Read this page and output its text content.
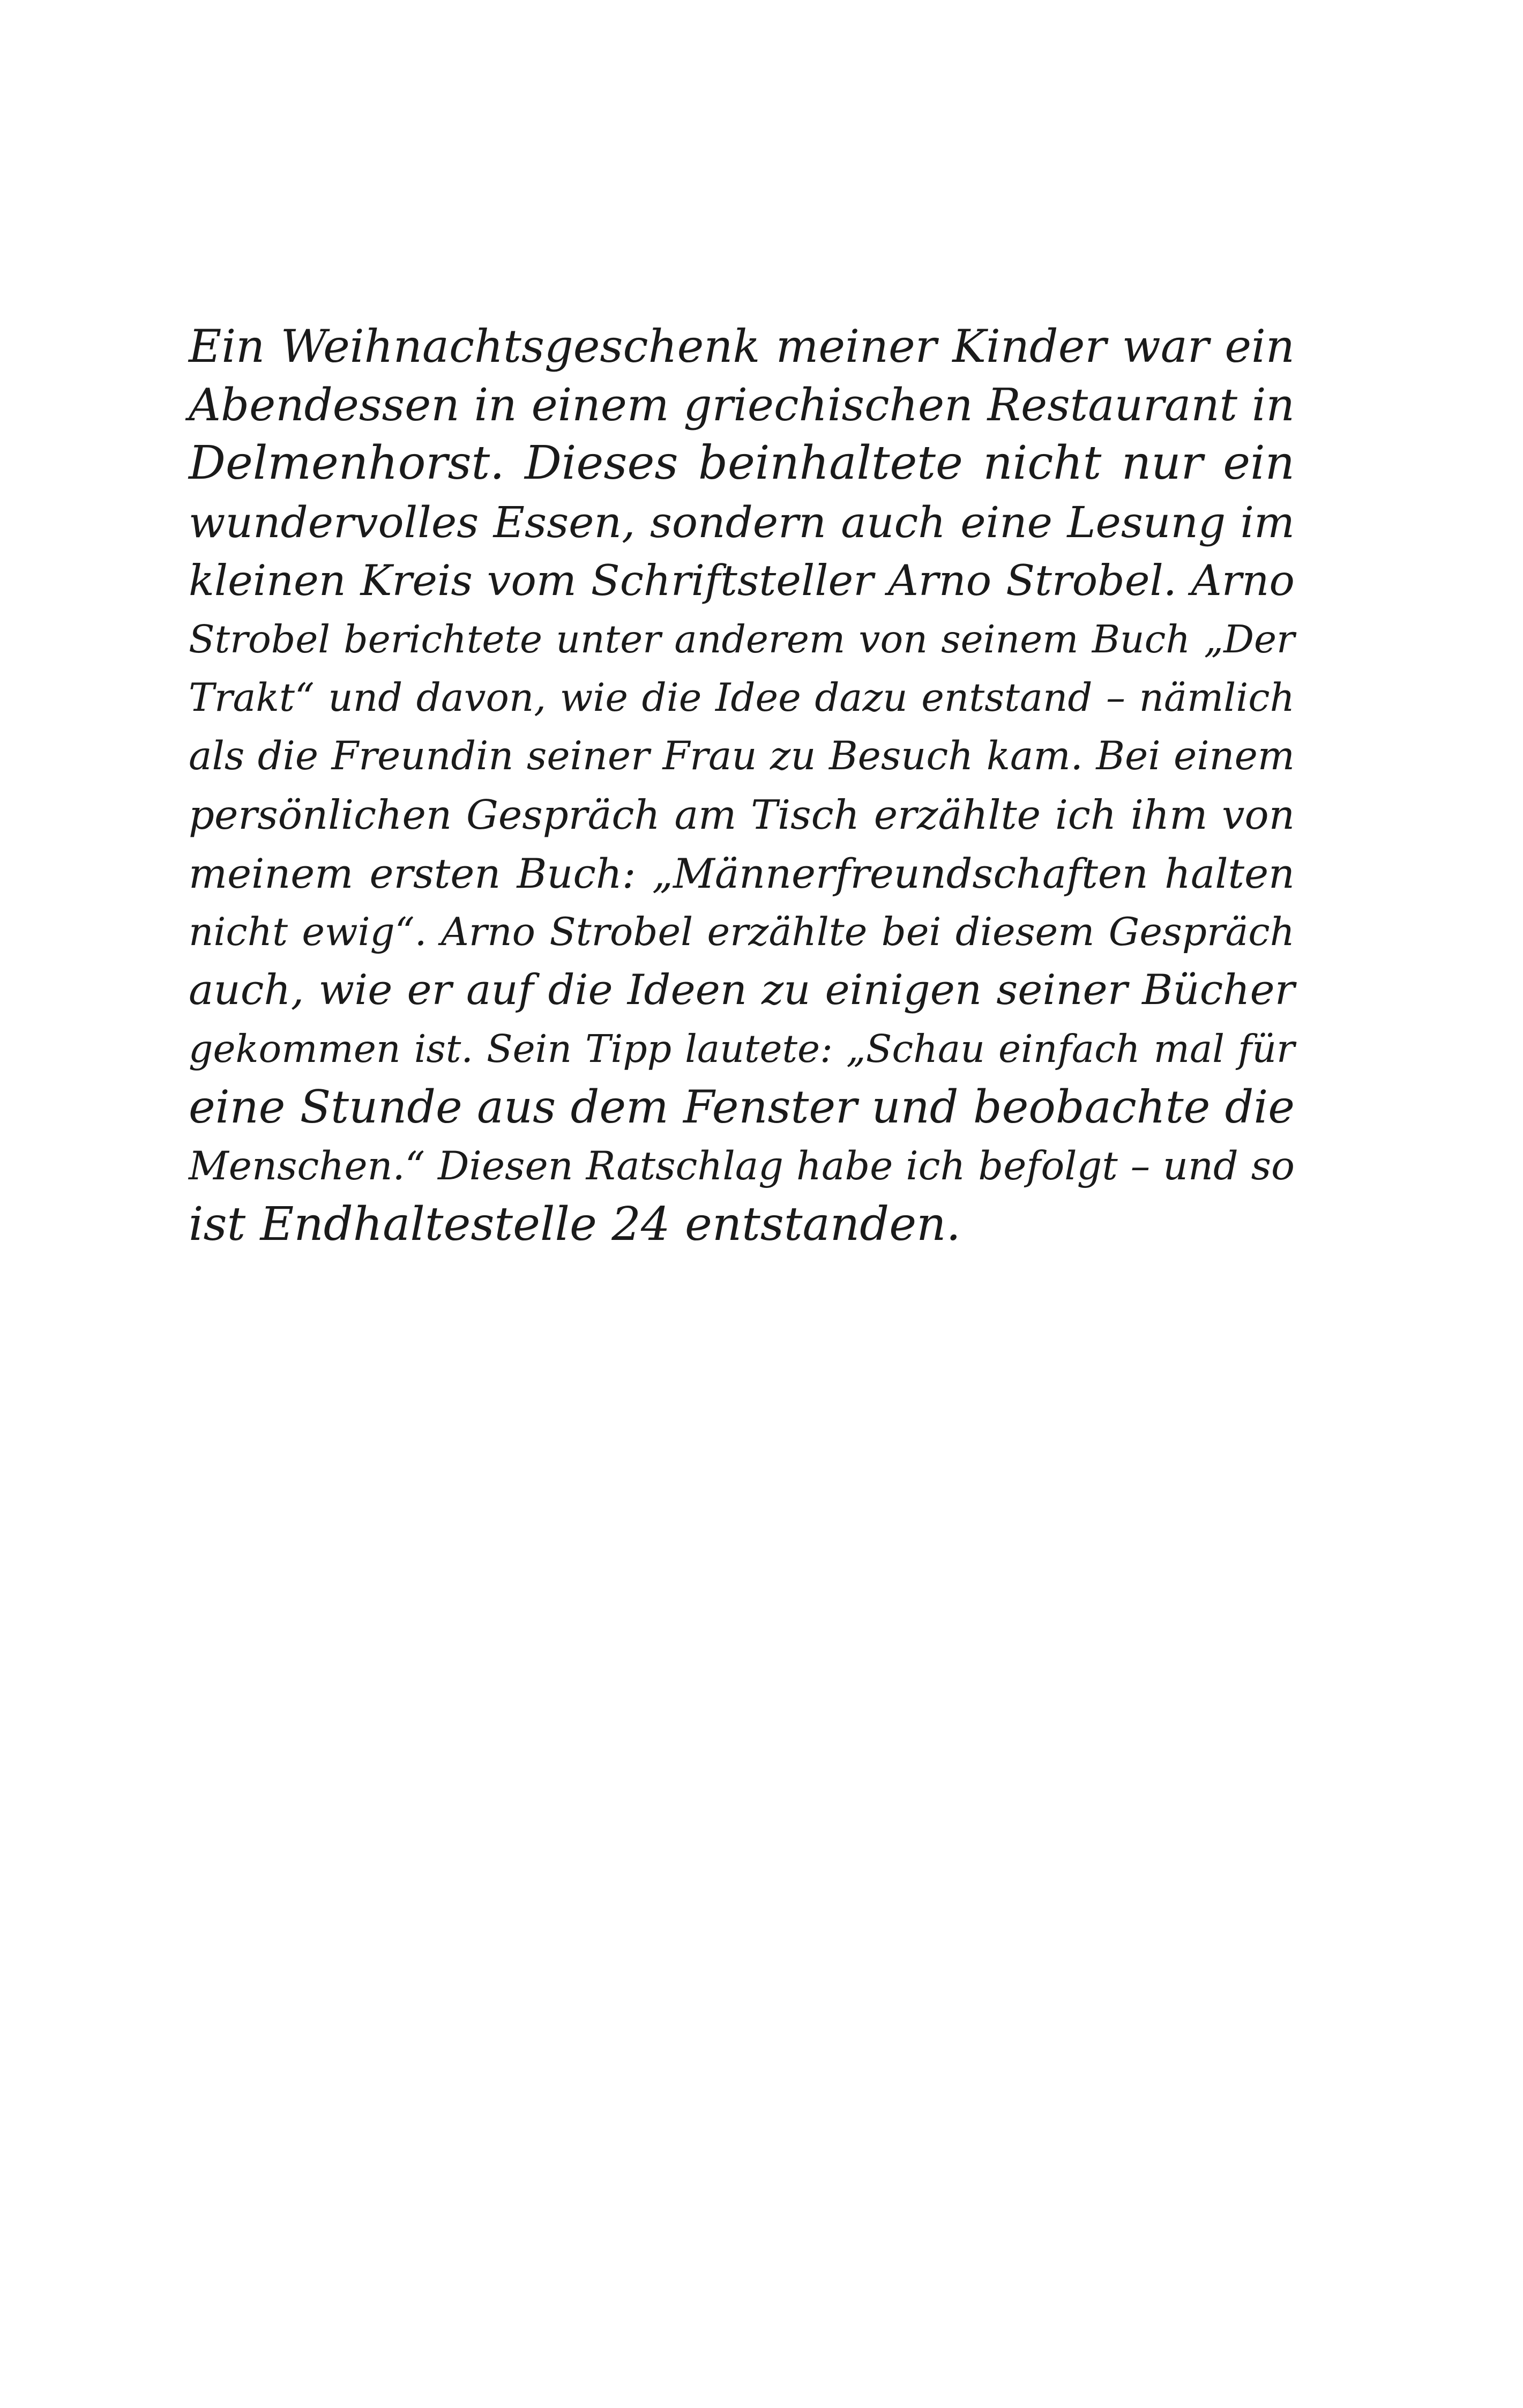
Ein Weihnachtsgeschenk meiner Kinder war ein
Abendessen in einem griechischen Restaurant in
Delmenhorst. Dieses beinhaltete nicht nur ein
wundervolles Essen, sondern auch eine Lesung im
kleinen Kreis vom Schriftsteller Arno Strobel. Arno
Strobel berichtete unter anderem von seinem Buch „Der
Trakt“ und davon, wie die Idee dazu entstand – nämlich
als die Freundin seiner Frau zu Besuch kam. Bei einem
persönlichen Gespräch am Tisch erzählte ich ihm von
meinem ersten Buch: „Männerfreundschaften halten
nicht ewig“. Arno Strobel erzählte bei diesem Gespräch
auch, wie er auf die Ideen zu einigen seiner Bücher
gekommen ist. Sein Tipp lautete: „Schau einfach mal für
eine Stunde aus dem Fenster und beobachte die
Menschen.“ Diesen Ratschlag habe ich befolgt – und so
ist Endhaltestelle 24 entstanden.
